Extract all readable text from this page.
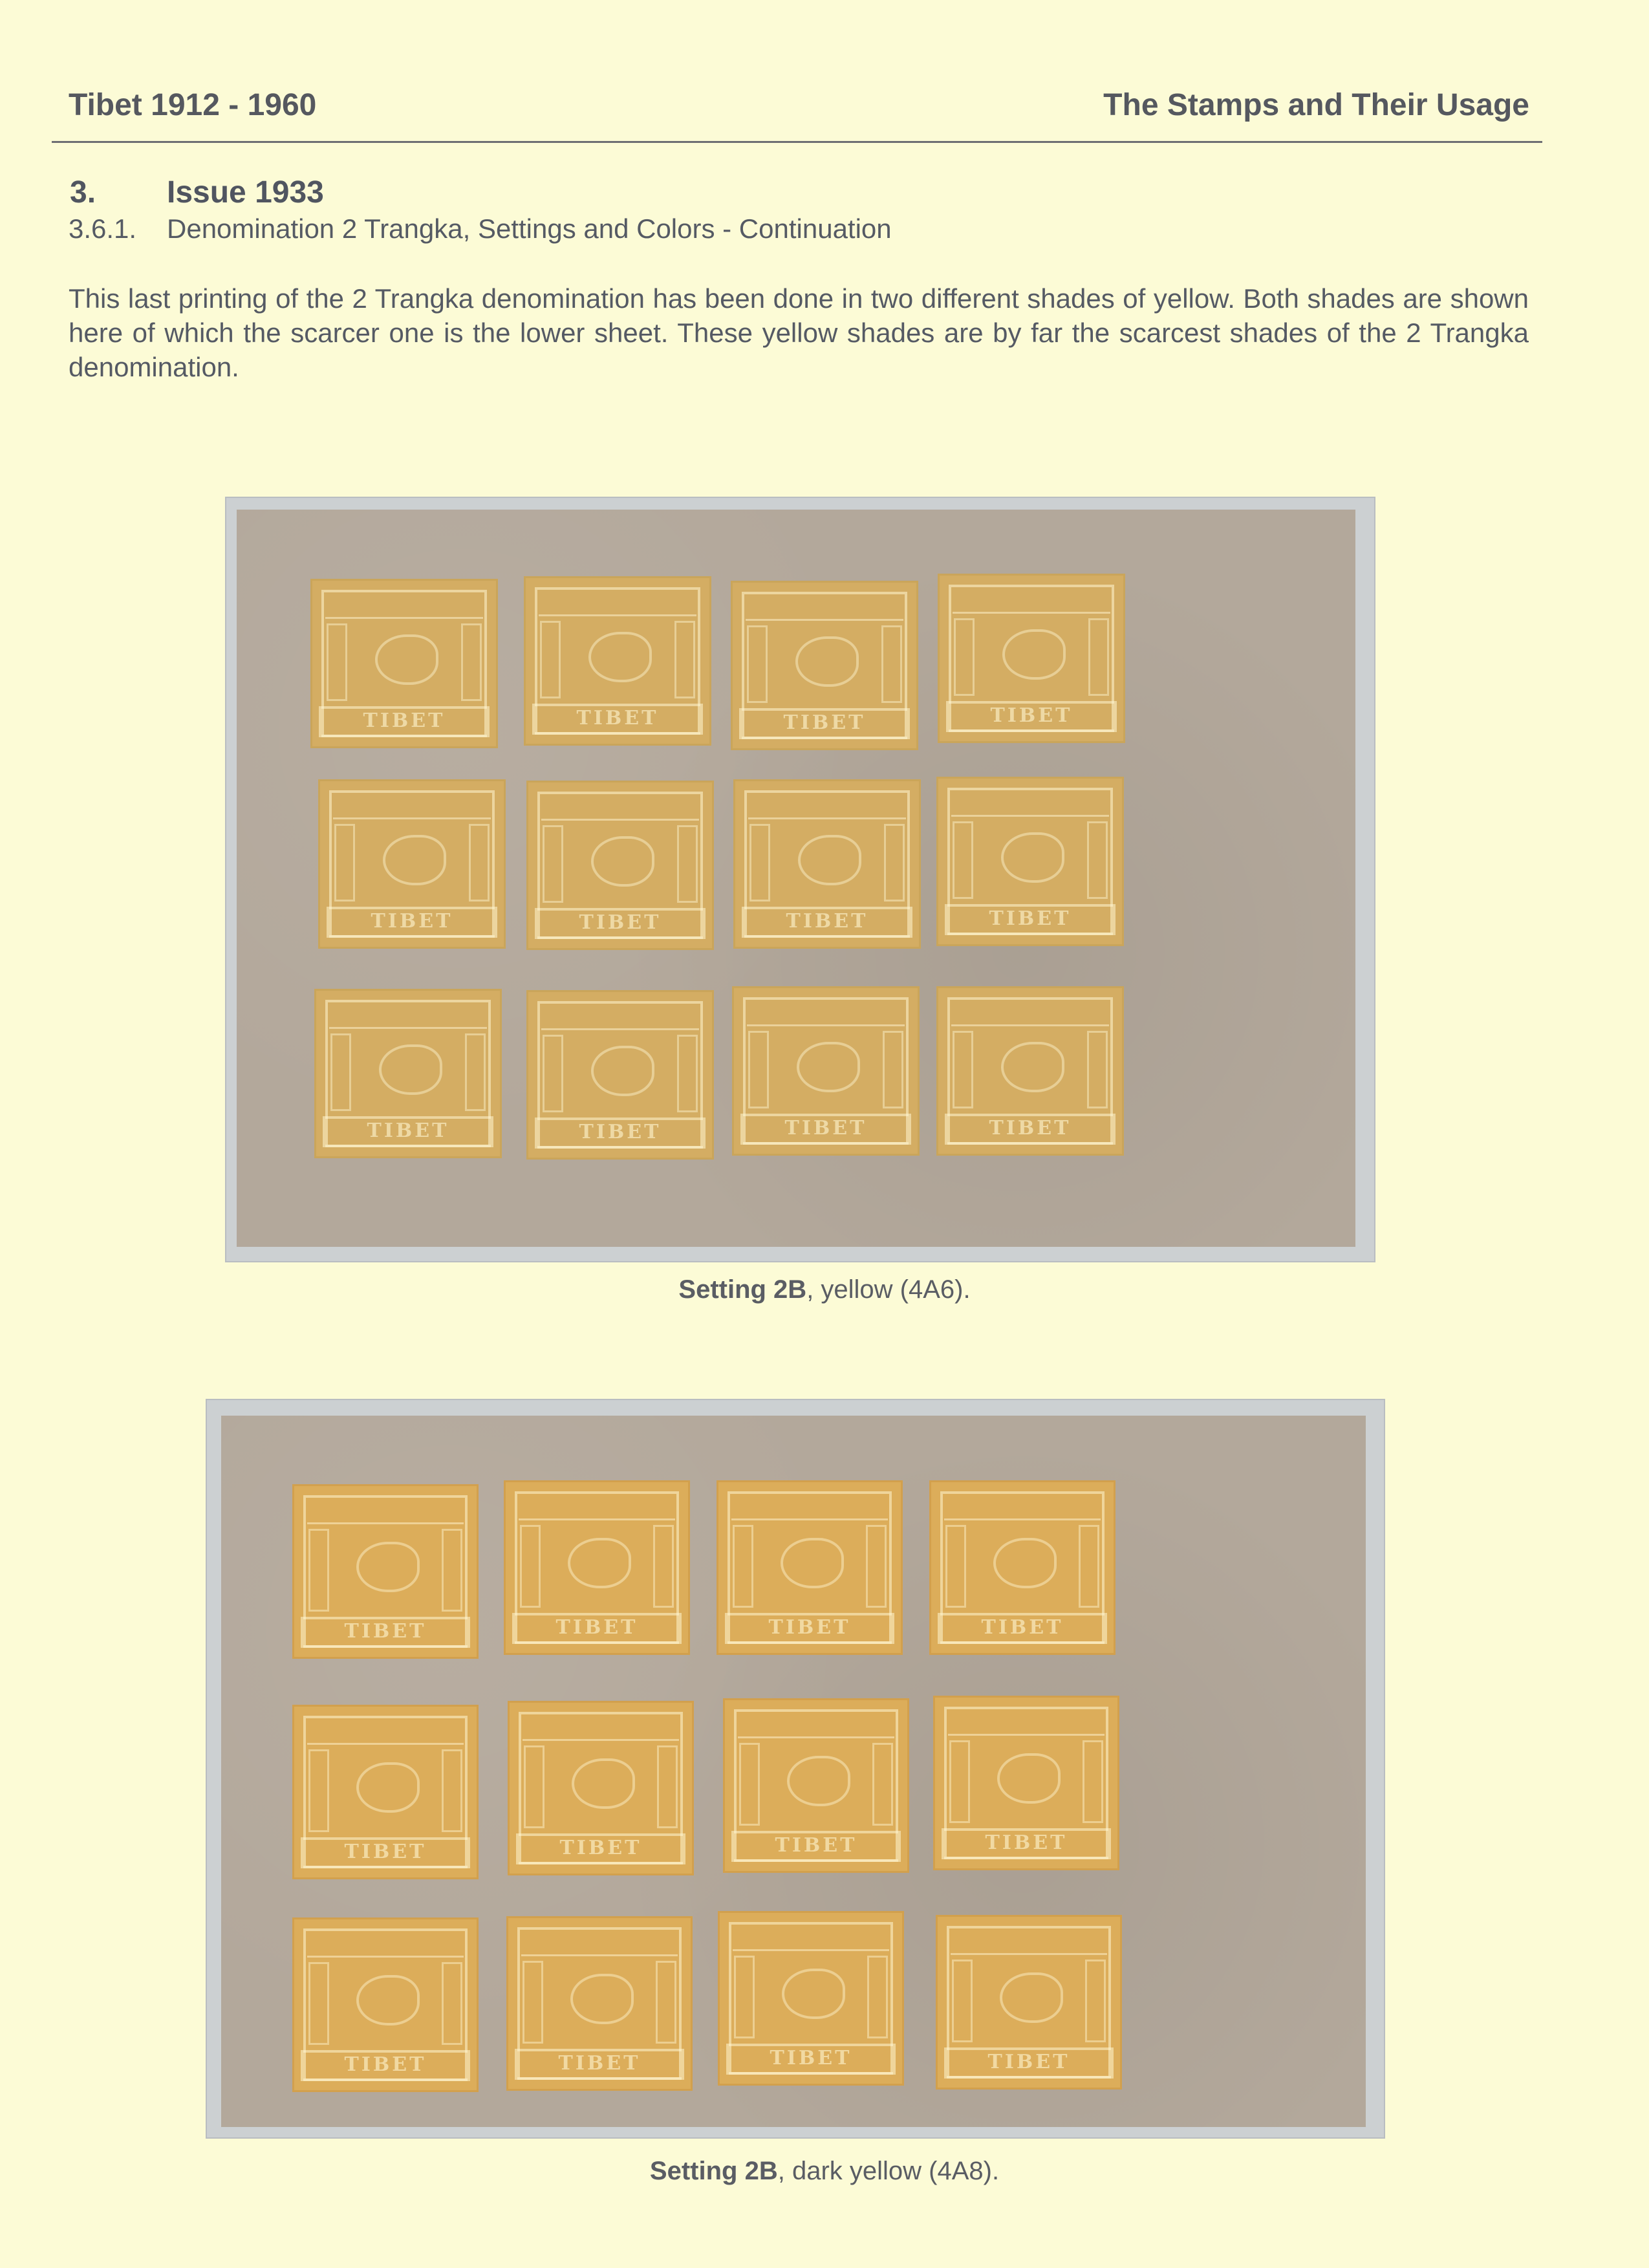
Tibet 1912 - 1960	The Stamps and Their Usage
3. Issue 1933
3.6.1. Denomination 2 Trangka, Settings and Colors - Continuation
This last printing of the 2 Trangka denomination has been done in two different shades of yellow. Both shades are shown here of which the scarcer one is the lower sheet. These yellow shades are by far the scarcest shades of the 2 Trangka denomination.
TIBET	TIBET	TIBET	TIBET
TIBET	TIBET	TIBET	TIBET
TIBET	TIBET	TIBET	TIBET
Setting 2B, yellow (4A6).
TIBET	TIBET	TIBET	TIBET
TIBET	TIBET	TIBET	TIBET
TIBET	TIBET	TIBET	TIBET
Setting 2B, dark yellow (4A8).
